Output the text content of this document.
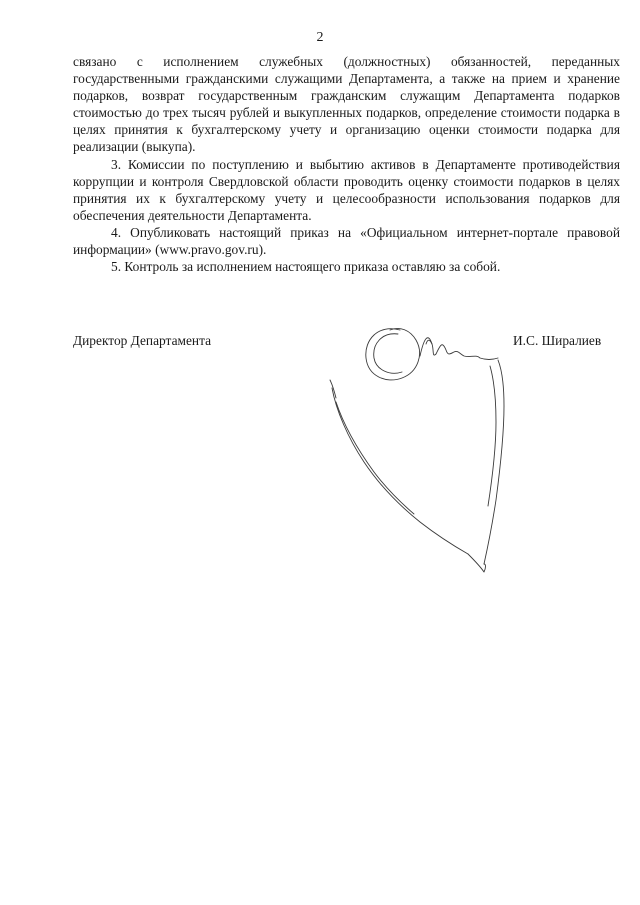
2

связано с исполнением служебных (должностных) обязанностей, переданных государственными гражданскими служащими Департамента, а также на прием и хранение подарков, возврат государственным гражданским служащим Департамента подарков стоимостью до трех тысяч рублей и выкупленных подарков, определение стоимости подарка в целях принятия к бухгалтерскому учету и организацию оценки стоимости подарка для реализации (выкупа).

3. Комиссии по поступлению и выбытию активов в Департаменте противодействия коррупции и контроля Свердловской области проводить оценку стоимости подарков в целях принятия их к бухгалтерскому учету и целесообразности использования подарков для обеспечения деятельности Департамента.

4. Опубликовать настоящий приказ на «Официальном интернет-портале правовой информации» (www.pravo.gov.ru).

5. Контроль за исполнением настоящего приказа оставляю за собой.

Директор Департамента	И.С. Ширалиев
